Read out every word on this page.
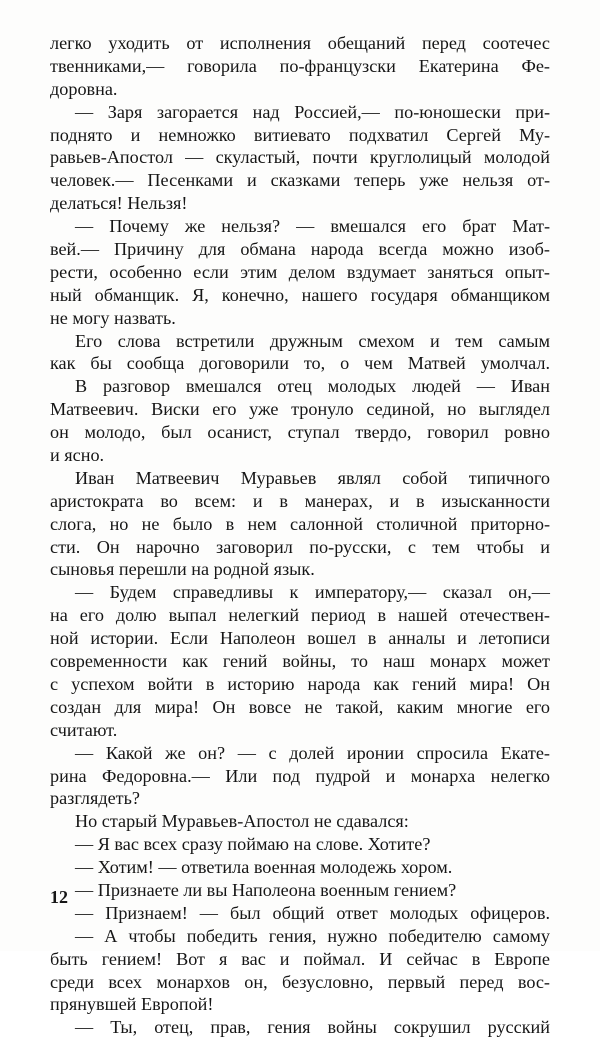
легко уходить от исполнения обещаний перед соотечес
твенниками,— говорила по-французски Екатерина Фе-
доровна.
— Заря загорается над Россией,— по-юношески при-
поднято и немножко витиевато подхватил Сергей Му-
равьев-Апостол — скуластый, почти круглолицый молодой
человек.— Песенками и сказками теперь уже нельзя от-
делаться! Нельзя!
— Почему же нельзя? — вмешался его брат Мат-
вей.— Причину для обмана народа всегда можно изоб-
рести, особенно если этим делом вздумает заняться опыт-
ный обманщик. Я, конечно, нашего государя обманщиком
не могу назвать.
Его слова встретили дружным смехом и тем самым
как бы сообща договорили то, о чем Матвей умолчал.
В разговор вмешался отец молодых людей — Иван
Матвеевич. Виски его уже тронуло сединой, но выглядел
он молодо, был осанист, ступал твердо, говорил ровно
и ясно.
Иван Матвеевич Муравьев являл собой типичного
аристократа во всем: и в манерах, и в изысканности
слога, но не было в нем салонной столичной приторно-
сти. Он нарочно заговорил по-русски, с тем чтобы и
сыновья перешли на родной язык.
— Будем справедливы к императору,— сказал он,—
на его долю выпал нелегкий период в нашей отечествен-
ной истории. Если Наполеон вошел в анналы и летописи
современности как гений войны, то наш монарх может
с успехом войти в историю народа как гений мира! Он
создан для мира! Он вовсе не такой, каким многие его
считают.
— Какой же он? — с долей иронии спросила Екате-
рина Федоровна.— Или под пудрой и монарха нелегко
разглядеть?
Но старый Муравьев-Апостол не сдавался:
— Я вас всех сразу поймаю на слове. Хотите?
— Хотим! — ответила военная молодежь хором.
— Признаете ли вы Наполеона военным гением?
— Признаем! — был общий ответ молодых офицеров.
— А чтобы победить гения, нужно победителю самому
быть гением! Вот я вас и поймал. И сейчас в Европе
среди всех монархов он, безусловно, первый перед вос-
прянувшей Европой!
— Ты, отец, прав, гения войны сокрушил русский
12
